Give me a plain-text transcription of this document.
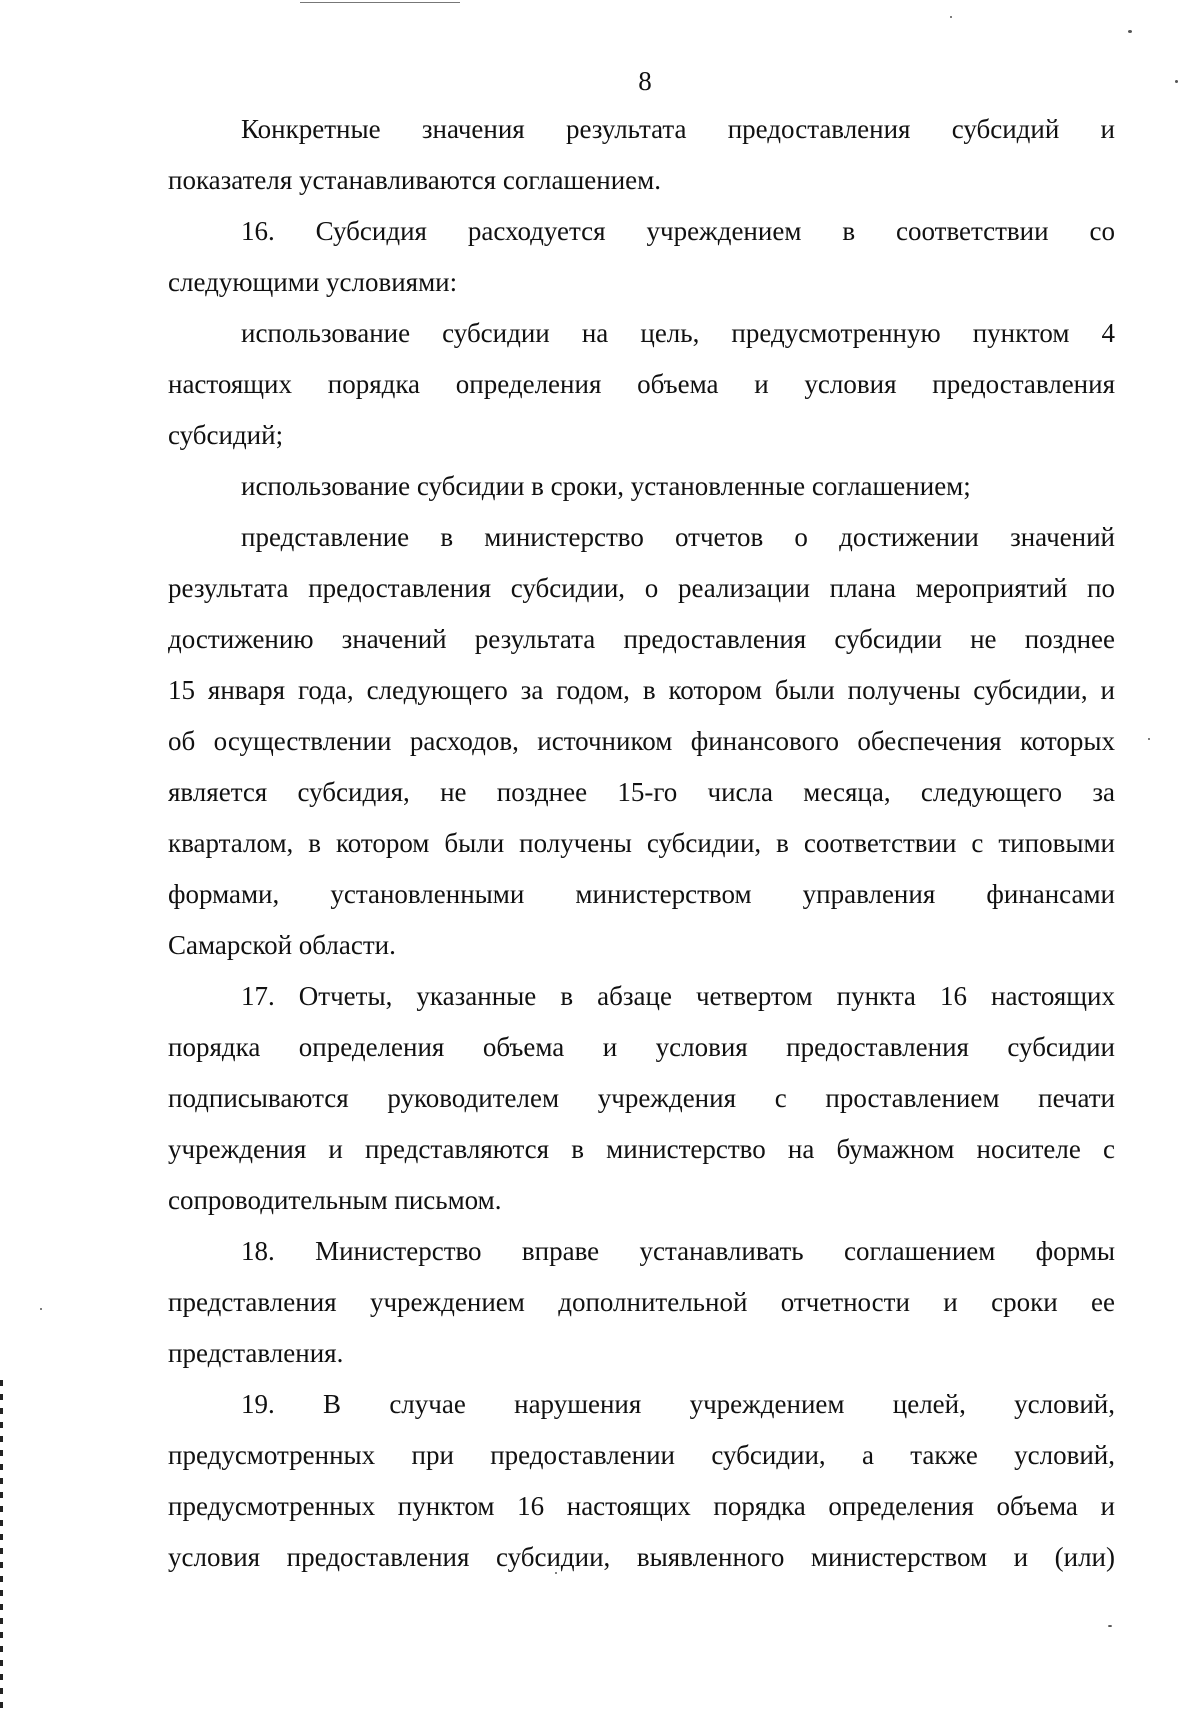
8
Конкретные значения результата предоставления субсидий и
показателя устанавливаются соглашением.
16. Субсидия расходуется учреждением в соответствии со
следующими условиями:
использование субсидии на цель, предусмотренную пунктом 4
настоящих порядка определения объема и условия предоставления
субсидий;
использование субсидии в сроки, установленные соглашением;
представление в министерство отчетов о достижении значений
результата предоставления субсидии, о реализации плана мероприятий по
достижению значений результата предоставления субсидии не позднее
15 января года, следующего за годом, в котором были получены субсидии, и
об осуществлении расходов, источником финансового обеспечения которых
является субсидия, не позднее 15-го числа месяца, следующего за
кварталом, в котором были получены субсидии, в соответствии с типовыми
формами, установленными министерством управления финансами
Самарской области.
17. Отчеты, указанные в абзаце четвертом пункта 16 настоящих
порядка определения объема и условия предоставления субсидии
подписываются руководителем учреждения с проставлением печати
учреждения и представляются в министерство на бумажном носителе с
сопроводительным письмом.
18. Министерство вправе устанавливать соглашением формы
представления учреждением дополнительной отчетности и сроки ее
представления.
19. В случае нарушения учреждением целей, условий,
предусмотренных при предоставлении субсидии, а также условий,
предусмотренных пунктом 16 настоящих порядка определения объема и
условия предоставления субсидии, выявленного министерством и (или)
